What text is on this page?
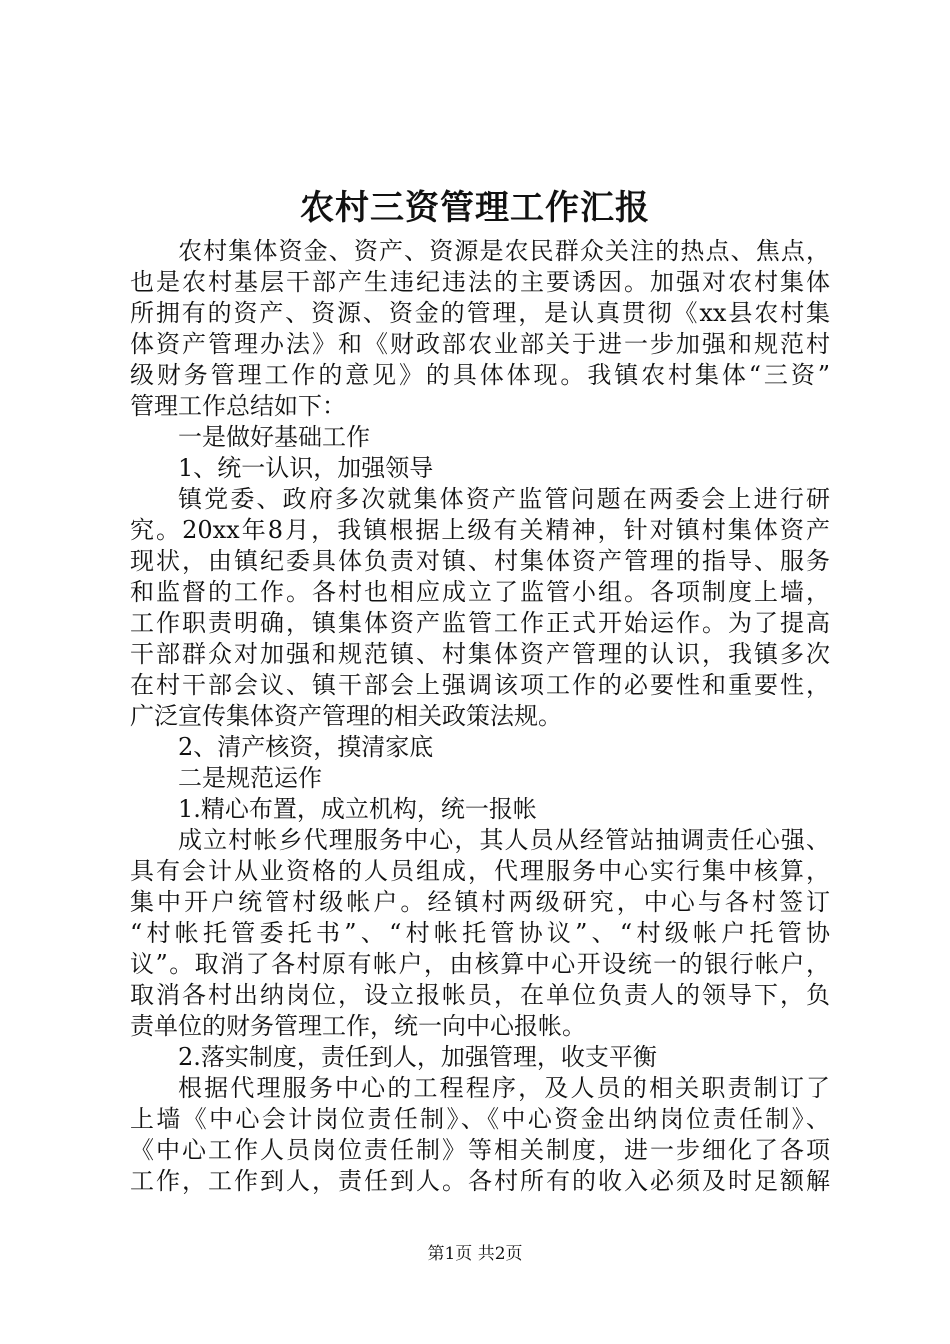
农村三资管理工作汇报
农村集体资金、资产、资源是农民群众关注的热点、焦点，
也是农村基层干部产生违纪违法的主要诱因。加强对农村集体
所拥有的资产、资源、资金的管理，是认真贯彻《xx县农村集
体资产管理办法》和《财政部农业部关于进一步加强和规范村
级财务管理工作的意见》的具体体现。我镇农村集体“三资”
管理工作总结如下：
一是做好基础工作
1、统一认识，加强领导
镇党委、政府多次就集体资产监管问题在两委会上进行研
究。20xx年8月，我镇根据上级有关精神，针对镇村集体资产
现状，由镇纪委具体负责对镇、村集体资产管理的指导、服务
和监督的工作。各村也相应成立了监管小组。各项制度上墙，
工作职责明确，镇集体资产监管工作正式开始运作。为了提高
干部群众对加强和规范镇、村集体资产管理的认识，我镇多次
在村干部会议、镇干部会上强调该项工作的必要性和重要性，
广泛宣传集体资产管理的相关政策法规。
2、清产核资，摸清家底
二是规范运作
1.精心布置，成立机构，统一报帐
成立村帐乡代理服务中心，其人员从经管站抽调责任心强、
具有会计从业资格的人员组成，代理服务中心实行集中核算，
集中开户统管村级帐户。经镇村两级研究，中心与各村签订
“村帐托管委托书”、“村帐托管协议”、“村级帐户托管协
议”。取消了各村原有帐户，由核算中心开设统一的银行帐户，
取消各村出纳岗位，设立报帐员，在单位负责人的领导下，负
责单位的财务管理工作，统一向中心报帐。
2.落实制度，责任到人，加强管理，收支平衡
根据代理服务中心的工程程序，及人员的相关职责制订了
上墙《中心会计岗位责任制》、《中心资金出纳岗位责任制》、
《中心工作人员岗位责任制》等相关制度，进一步细化了各项
工作，工作到人，责任到人。各村所有的收入必须及时足额解
第1页 共2页
